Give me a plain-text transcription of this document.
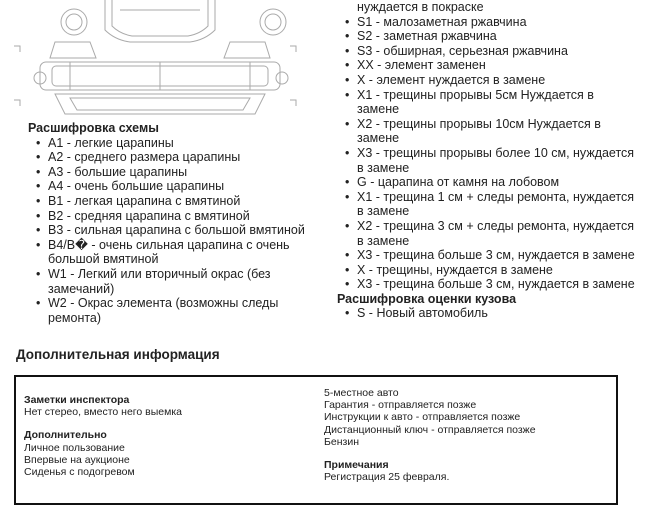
Расшифровка схемы
• A1 - легкие царапины
• A2 - среднего размера царапины
• A3 - большие царапины
• A4 - очень большие царапины
• B1 - легкая царапина с вмятиной
• B2 - средняя царапина с вмятиной
• B3 - сильная царапина с большой вмятиной
• B4/B� - очень сильная царапина с очень большой вмятиной
• W1 - Легкий или вторичный окрас (без замечаний)
• W2 - Окрас элемента (возможны следы ремонта)
нуждается в покраске
• S1 - малозаметная ржавчина
• S2 - заметная ржавчина
• S3 - обширная, серьезная ржавчина
• XX - элемент заменен
• X - элемент нуждается в замене
• X1 - трещины прорывы 5см Нуждается в замене
• X2 - трещины прорывы 10см Нуждается в замене
• X3 - трещины прорывы более 10 см, нуждается в замене
• G - царапина от камня на лобовом
• X1 - трещина 1 см + следы ремонта, нуждается в замене
• X2 - трещина 3 см + следы ремонта, нуждается в замене
• X3 - трещина больше 3 см, нуждается в замене
• X - трещины, нуждается в замене
• X3 - трещина больше 3 см, нуждается в замене
Расшифровка оценки кузова
• S - Новый автомобиль
Дополнительная информация
Заметки инспектора
Нет стерео, вместо него выемка
Дополнительно
Личное пользование
Впервые на аукционе
Сиденья с подогревом
5-местное авто
Гарантия - отправляется позже
Инструкции к авто - отправляется позже
Дистанционный ключ - отправляется позже
Бензин
Примечания
Регистрация 25 февраля.
